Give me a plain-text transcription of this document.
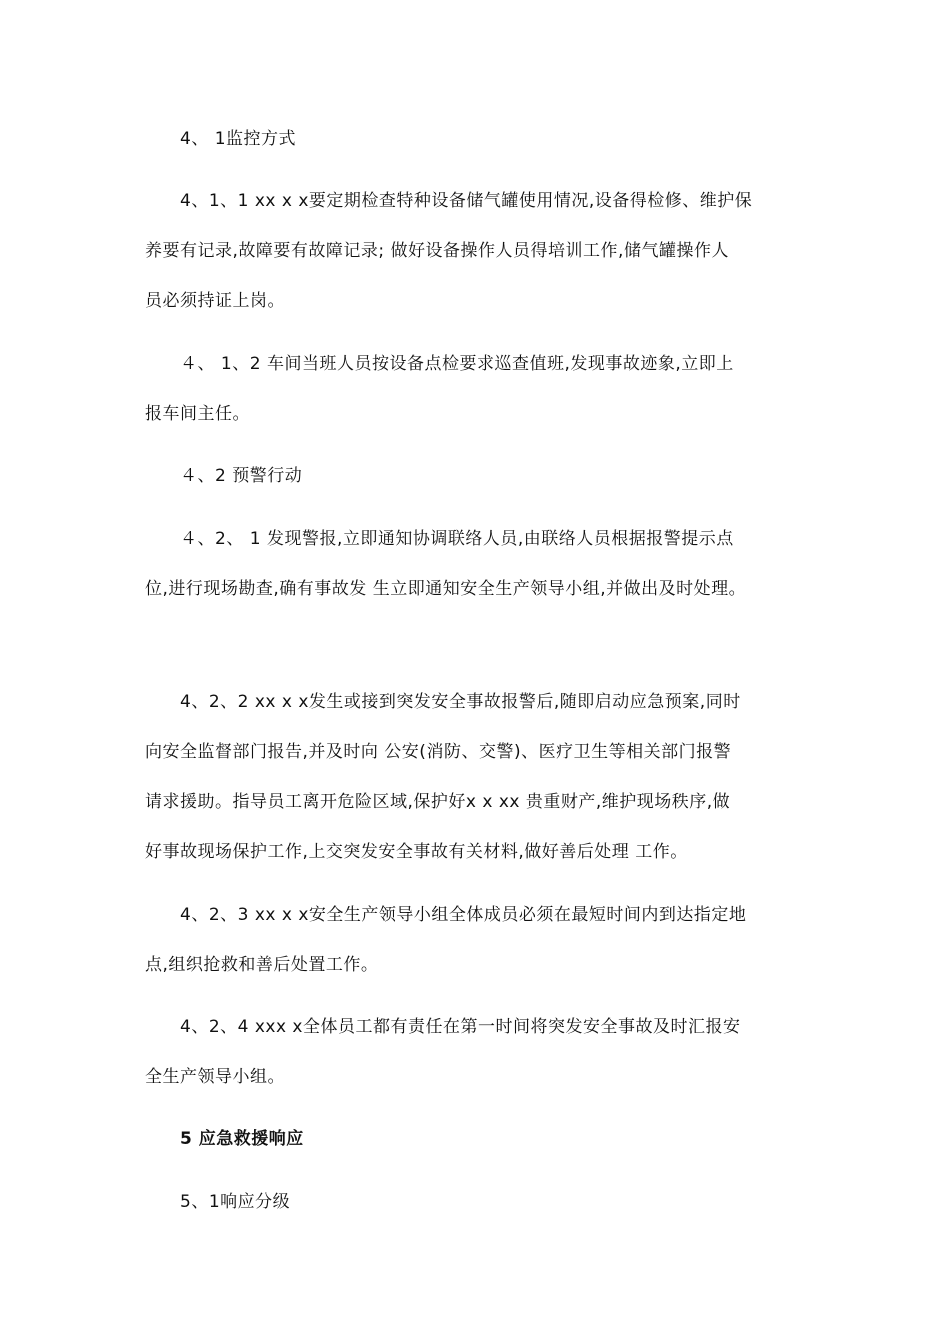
4、 1监控方式
4、1、1 xx x x要定期检查特种设备储气罐使用情况,设备得检修、维护保
养要有记录,故障要有故障记录; 做好设备操作人员得培训工作,储气罐操作人
员必须持证上岗。
４、 1、2 车间当班人员按设备点检要求巡查值班,发现事故迹象,立即上
报车间主任。
４、2 预警行动
４、2、 1 发现警报,立即通知协调联络人员,由联络人员根据报警提示点
位,进行现场勘查,确有事故发 生立即通知安全生产领导小组,并做出及时处理。
4、2、2 xx x x发生或接到突发安全事故报警后,随即启动应急预案,同时
向安全监督部门报告,并及时向 公安(消防、交警)、医疗卫生等相关部门报警
请求援助。指导员工离开危险区域,保护好x x xx 贵重财产,维护现场秩序,做
好事故现场保护工作,上交突发安全事故有关材料,做好善后处理 工作。
4、2、3 xx x x安全生产领导小组全体成员必须在最短时间内到达指定地
点,组织抢救和善后处置工作。
4、2、4 xxx x全体员工都有责任在第一时间将突发安全事故及时汇报安
全生产领导小组。
5 应急救援响应
5、1响应分级
